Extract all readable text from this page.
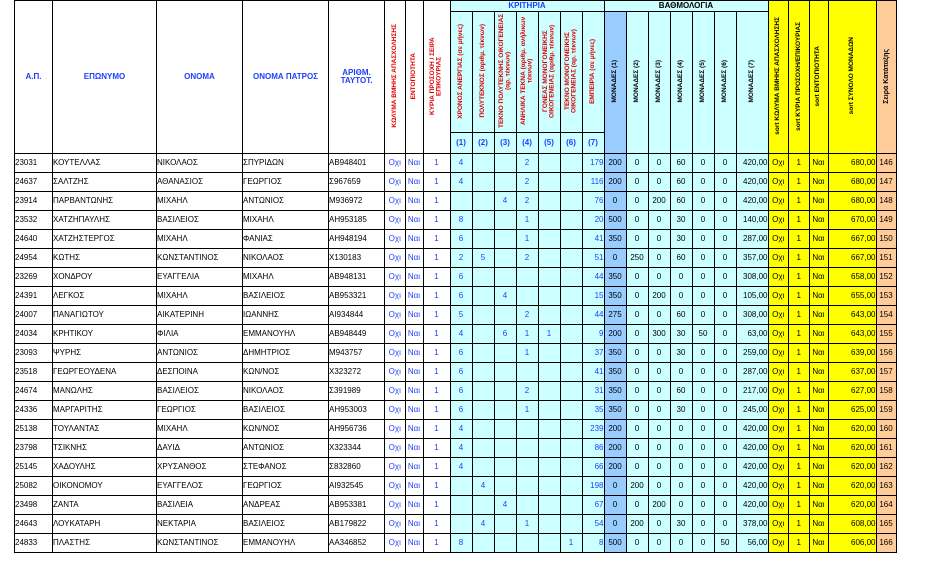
Α.Π.	ΕΠΩΝΥΜΟ	ΟΝΟΜΑ	ΟΝΟΜΑ ΠΑΤΡΟΣ	ΑΡΙΘΜ. ΤΑΥΤΟΤ.	ΚΩΛΥΜΑ ΒΜΗΗΣ ΑΠΑΣΧΟΛΗΣΗΣ	ΕΝΤΟΠΙΟΤΗΤΑ	ΚΥΡΙΑ ΠΡΟΣΟΧΗ / ΣΕΙΡΑ ΕΠΙΚΟΥΡΙΑΣ	ΚΡΙΤΗΡΙΑ							ΒΑΘΜΟΛΟΓΙΑ							sort ΚΩΛΥΜΑ ΒΜΗΗΣ ΑΠΑΣΧΟΛΗΣΗΣ	sort ΚΥΡΙΑ ΠΡΟΣΟΧΗ/ΕΠΙΚΟΥΡΙΑΣ	sort ΕΝΤΟΠΙΟΤΗΤΑ	sort ΣΥΝΟΛΟ ΜΟΝΑΔΩΝ	Σειρά Κατάταξης
								ΧΡΟΝΟΣ ΑΝΕΡΓΙΑΣ (σε μήνες)	ΠΟΛΥΤΕΚΝΟΣ (αριθμ. τέκνων)	ΤΕΚΝΟ ΠΟΛΥΤΕΚΝΗΣ ΟΙΚΟΓΕΝΕΙΑΣ (αρ. τέκνων)	ΑΝΗΛΙΚΑ ΤΕΚΝΑ (αριθμ. ανήλικων τέκνων)	ΓΟΝΕΑΣ ΜΟΝΟΓΟΝΕΙΚΗΣ ΟΙΚΟΓΕΝΕΙΑΣ (αριθμ. τέκνων)	ΤΕΚΝΟ ΜΟΝΟΓΟΝΕΙΚΗΣ ΟΙΚΟΓΕΝΕΙΑΣ (αρ. τέκνων)	ΕΜΠΕΙΡΙΑ (σε μήνες)	ΜΟΝΑΔΕΣ (1)	ΜΟΝΑΔΕΣ (2)	ΜΟΝΑΔΕΣ (3)	ΜΟΝΑΔΕΣ (4)	ΜΟΝΑΔΕΣ (5)	ΜΟΝΑΔΕΣ (6)	ΜΟΝΑΔΕΣ (7)					
								(1)	(2)	(3)	(4)	(5)	(6)	(7)												
23031	ΚΟΥΤΕΛΛΑΣ	ΝΙΚΟΛΑΟΣ	ΣΠΥΡΙΔΩΝ	ΑΒ948401	Οχι	Ναι	1	4			2			179	200	0	0	60	0	0	420,00	Οχι	1	Ναι	680,00	146
24637	ΣΑΛΤΖΗΣ	ΑΘΑΝΑΣΙΟΣ	ΓΕΩΡΓΙΟΣ	Σ967659	Οχι	Ναι	1	4			2			116	200	0	0	60	0	0	420,00	Οχι	1	Ναι	680,00	147
23914	ΠΑΡΒΑΝΤΩΝΗΣ	ΜΙΧΑΗΛ	ΑΝΤΩΝΙΟΣ	Μ936972	Οχι	Ναι	1			4	2			76	0	0	200	60	0	0	420,00	Οχι	1	Ναι	680,00	148
23532	ΧΑΤΖΗΠΑΥΛΗΣ	ΒΑΣΙΛΕΙΟΣ	ΜΙΧΑΗΛ	ΑΗ953185	Οχι	Ναι	1	8			1			20	500	0	0	30	0	0	140,00	Οχι	1	Ναι	670,00	149
24640	ΧΑΤΖΗΣΤΕΡΓΟΣ	ΜΙΧΑΗΛ	ΦΑΝΙΑΣ	ΑΗ948194	Οχι	Ναι	1	6			1			41	350	0	0	30	0	0	287,00	Οχι	1	Ναι	667,00	150
24954	ΚΩΤΗΣ	ΚΩΝΣΤΑΝΤΙΝΟΣ	ΝΙΚΟΛΑΟΣ	Χ130183	Οχι	Ναι	1	2	5		2			51	0	250	0	60	0	0	357,00	Οχι	1	Ναι	667,00	151
23269	ΧΟΝΔΡΟΥ	ΕΥΑΓΓΕΛΙΑ	ΜΙΧΑΗΛ	ΑΒ948131	Οχι	Ναι	1	6						44	350	0	0	0	0	0	308,00	Οχι	1	Ναι	658,00	152
24391	ΛΕΓΚΟΣ	ΜΙΧΑΗΛ	ΒΑΣΙΛΕΙΟΣ	ΑΒ953321	Οχι	Ναι	1	6		4				15	350	0	200	0	0	0	105,00	Οχι	1	Ναι	655,00	153
24007	ΠΑΝΑΓΙΩΤΟΥ	ΑΙΚΑΤΕΡΙΝΗ	ΙΩΑΝΝΗΣ	ΑΙ934844	Οχι	Ναι	1	5			2			44	275	0	0	60	0	0	308,00	Οχι	1	Ναι	643,00	154
24034	ΚΡΗΤΙΚΟΥ	ΦΙΛΙΑ	ΕΜΜΑΝΟΥΗΛ	ΑΒ948449	Οχι	Ναι	1	4		6	1	1		9	200	0	300	30	50	0	63,00	Οχι	1	Ναι	643,00	155
23093	ΨΥΡΗΣ	ΑΝΤΩΝΙΟΣ	ΔΗΜΗΤΡΙΟΣ	Μ943757	Οχι	Ναι	1	6			1			37	350	0	0	30	0	0	259,00	Οχι	1	Ναι	639,00	156
23518	ΓΕΩΡΓΕΟΥΔΕΝΑ	ΔΕΣΠΟΙΝΑ	ΚΩΝ/ΝΟΣ	Χ323272	Οχι	Ναι	1	6						41	350	0	0	0	0	0	287,00	Οχι	1	Ναι	637,00	157
24674	ΜΑΝΩΛΗΣ	ΒΑΣΙΛΕΙΟΣ	ΝΙΚΟΛΑΟΣ	Σ391989	Οχι	Ναι	1	6			2			31	350	0	0	60	0	0	217,00	Οχι	1	Ναι	627,00	158
24336	ΜΑΡΓΑΡΙΤΗΣ	ΓΕΩΡΓΙΟΣ	ΒΑΣΙΛΕΙΟΣ	ΑΗ953003	Οχι	Ναι	1	6			1			35	350	0	0	30	0	0	245,00	Οχι	1	Ναι	625,00	159
25138	ΤΟΥΛΑΝΤΑΣ	ΜΙΧΑΗΛ	ΚΩΝ/ΝΟΣ	ΑΗ956736	Οχι	Ναι	1	4						239	200	0	0	0	0	0	420,00	Οχι	1	Ναι	620,00	160
23798	ΤΣΙΚΝΗΣ	ΔΑΥΙΔ	ΑΝΤΩΝΙΟΣ	Χ323344	Οχι	Ναι	1	4						86	200	0	0	0	0	0	420,00	Οχι	1	Ναι	620,00	161
25145	ΧΑΔΟΥΛΗΣ	ΧΡΥΣΑΝΘΟΣ	ΣΤΕΦΑΝΟΣ	Σ832860	Οχι	Ναι	1	4						66	200	0	0	0	0	0	420,00	Οχι	1	Ναι	620,00	162
25082	ΟΙΚΟΝΟΜΟΥ	ΕΥΑΓΓΕΛΟΣ	ΓΕΩΡΓΙΟΣ	ΑΙ932545	Οχι	Ναι	1		4					198	0	200	0	0	0	0	420,00	Οχι	1	Ναι	620,00	163
23498	ΖΑΝΤΑ	ΒΑΣΙΛΕΙΑ	ΑΝΔΡΕΑΣ	ΑΒ953381	Οχι	Ναι	1			4				67	0	0	200	0	0	0	420,00	Οχι	1	Ναι	620,00	164
24643	ΛΟΥΚΑΤΑΡΗ	ΝΕΚΤΑΡΙΑ	ΒΑΣΙΛΕΙΟΣ	ΑΒ179822	Οχι	Ναι	1		4		1			54	0	200	0	30	0	0	378,00	Οχι	1	Ναι	608,00	165
24833	ΠΛΑΣΤΗΣ	ΚΩΝΣΤΑΝΤΙΝΟΣ	ΕΜΜΑΝΟΥΗΛ	ΑΑ346852	Οχι	Ναι	1	8					1	8	500	0	0	0	0	50	56,00	Οχι	1	Ναι	606,00	166
